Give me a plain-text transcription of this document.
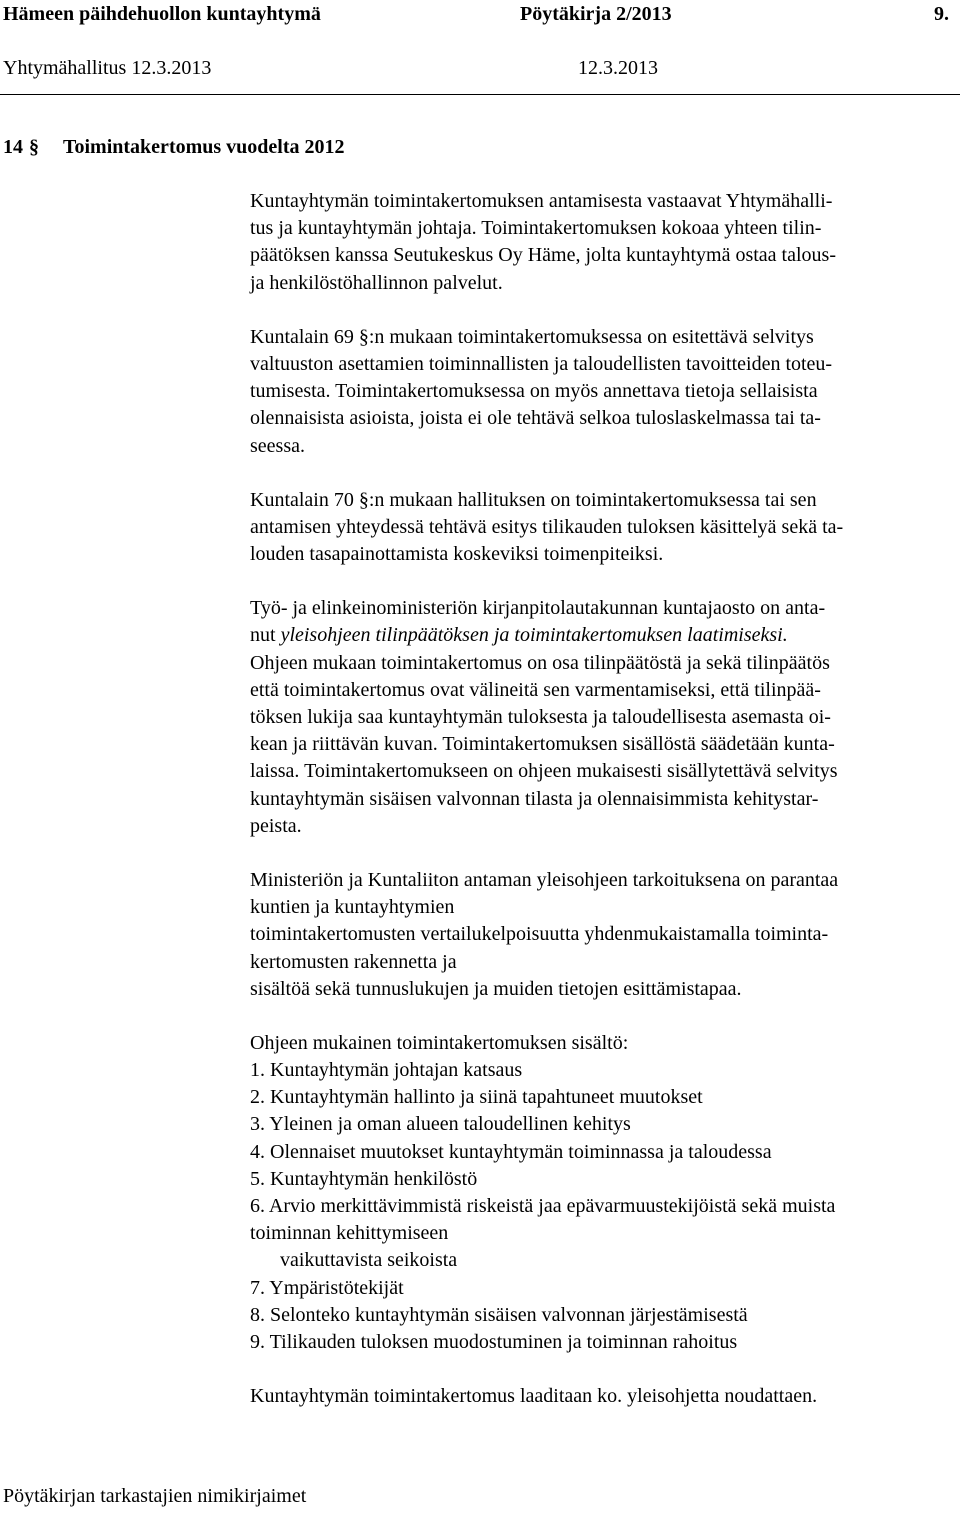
Hämeen päihdehuollon kuntayhtymä	Pöytäkirja 2/2013	9.
Yhtymähallitus 12.3.2013	12.3.2013
14 § Toimintakertomus vuodelta 2012
Kuntayhtymän toimintakertomuksen antamisesta vastaavat Yhtymähalli-
tus ja kuntayhtymän johtaja. Toimintakertomuksen kokoaa yhteen tilin-
päätöksen kanssa Seutukeskus Oy Häme, jolta kuntayhtymä ostaa talous-
ja henkilöstöhallinnon palvelut.
Kuntalain 69 §:n mukaan toimintakertomuksessa on esitettävä selvitys
valtuuston asettamien toiminnallisten ja taloudellisten tavoitteiden toteu-
tumisesta. Toimintakertomuksessa on myös annettava tietoja sellaisista
olennaisista asioista, joista ei ole tehtävä selkoa tuloslaskelmassa tai ta-
seessa.
Kuntalain 70 §:n mukaan hallituksen on toimintakertomuksessa tai sen
antamisen yhteydessä tehtävä esitys tilikauden tuloksen käsittelyä sekä ta-
louden tasapainottamista koskeviksi toimenpiteiksi.
Työ- ja elinkeinoministeriön kirjanpitolautakunnan kuntajaosto on anta-
nut yleisohjeen tilinpäätöksen ja toimintakertomuksen laatimiseksi.
Ohjeen mukaan toimintakertomus on osa tilinpäätöstä ja sekä tilinpäätös
että toimintakertomus ovat välineitä sen varmentamiseksi, että tilinpää-
töksen lukija saa kuntayhtymän tuloksesta ja taloudellisesta asemasta oi-
kean ja riittävän kuvan. Toimintakertomuksen sisällöstä säädetään kunta-
laissa. Toimintakertomukseen on ohjeen mukaisesti sisällytettävä selvitys
kuntayhtymän sisäisen valvonnan tilasta ja olennaisimmista kehitystar-
peista.
Ministeriön ja Kuntaliiton antaman yleisohjeen tarkoituksena on parantaa
kuntien ja kuntayhtymien
toimintakertomusten vertailukelpoisuutta yhdenmukaistamalla toiminta-
kertomusten rakennetta ja
sisältöä sekä tunnuslukujen ja muiden tietojen esittämistapaa.
Ohjeen mukainen toimintakertomuksen sisältö:
1. Kuntayhtymän johtajan katsaus
2. Kuntayhtymän hallinto ja siinä tapahtuneet muutokset
3. Yleinen ja oman alueen taloudellinen kehitys
4. Olennaiset muutokset kuntayhtymän toiminnassa ja taloudessa
5. Kuntayhtymän henkilöstö
6. Arvio merkittävimmistä riskeistä jaa epävarmuustekijöistä sekä muista
toiminnan kehittymiseen
vaikuttavista seikoista
7. Ympäristötekijät
8. Selonteko kuntayhtymän sisäisen valvonnan järjestämisestä
9. Tilikauden tuloksen muodostuminen ja toiminnan rahoitus
Kuntayhtymän toimintakertomus laaditaan ko. yleisohjetta noudattaen.
Pöytäkirjan tarkastajien nimikirjaimet
